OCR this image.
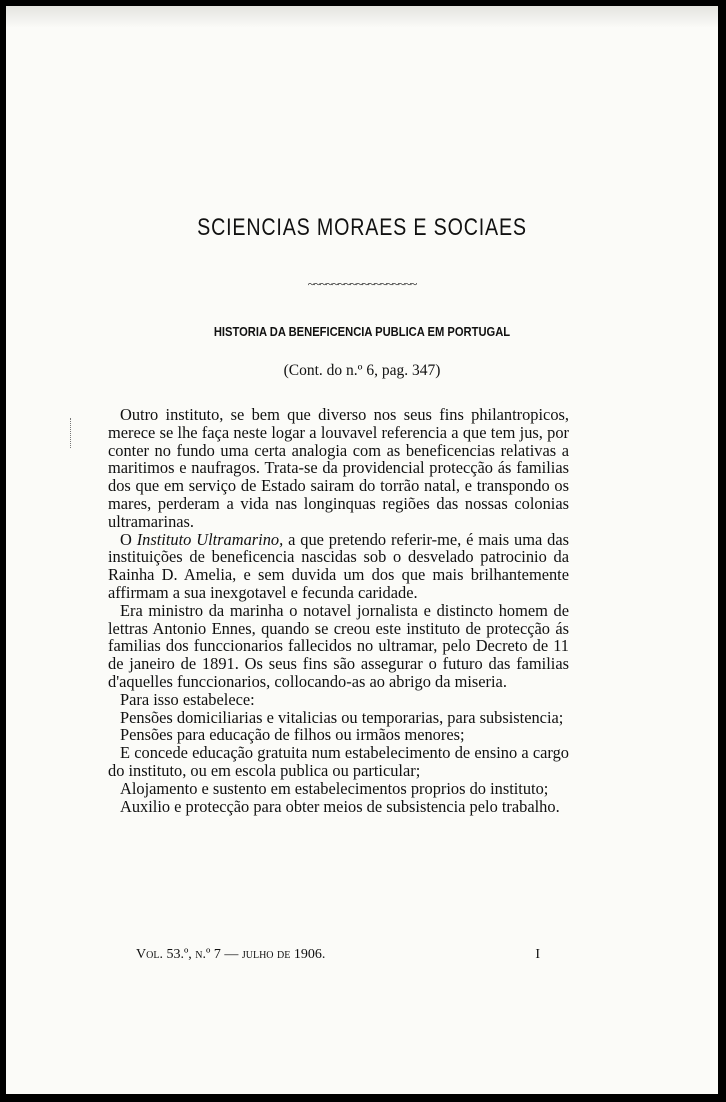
SCIENCIAS MORAES E SOCIAES
~~~~~~~~~~~~~~~~~~
HISTORIA DA BENEFICENCIA PUBLICA EM PORTUGAL
(Cont. do n.º 6, pag. 347)

Outro instituto, se bem que diverso nos seus fins philantropicos, merece se lhe faça neste logar a louvavel referencia a que tem jus, por conter no fundo uma certa analogia com as beneficencias relativas a maritimos e naufragos. Trata-se da providencial protecção ás familias dos que em serviço de Estado sairam do torrão natal, e transpondo os mares, perderam a vida nas longinquas regiões das nossas colonias ultramarinas.

O Instituto Ultramarino, a que pretendo referir-me, é mais uma das instituições de beneficencia nascidas sob o desvelado patrocinio da Rainha D. Amelia, e sem duvida um dos que mais brilhantemente affirmam a sua inexgotavel e fecunda caridade.

Era ministro da marinha o notavel jornalista e distincto homem de lettras Antonio Ennes, quando se creou este instituto de protecção ás familias dos funccionarios fallecidos no ultramar, pelo Decreto de 11 de janeiro de 1891. Os seus fins são assegurar o futuro das familias d'aquelles funccionarios, collocando-as ao abrigo da miseria.

Para isso estabelece:

Pensões domiciliarias e vitalicias ou temporarias, para subsistencia;

Pensões para educação de filhos ou irmãos menores;

E concede educação gratuita num estabelecimento de ensino a cargo do instituto, ou em escola publica ou particular;

Alojamento e sustento em estabelecimentos proprios do instituto;

Auxilio e protecção para obter meios de subsistencia pelo trabalho.

Vol. 53.º, n.º 7 — julho de 1906.	I
